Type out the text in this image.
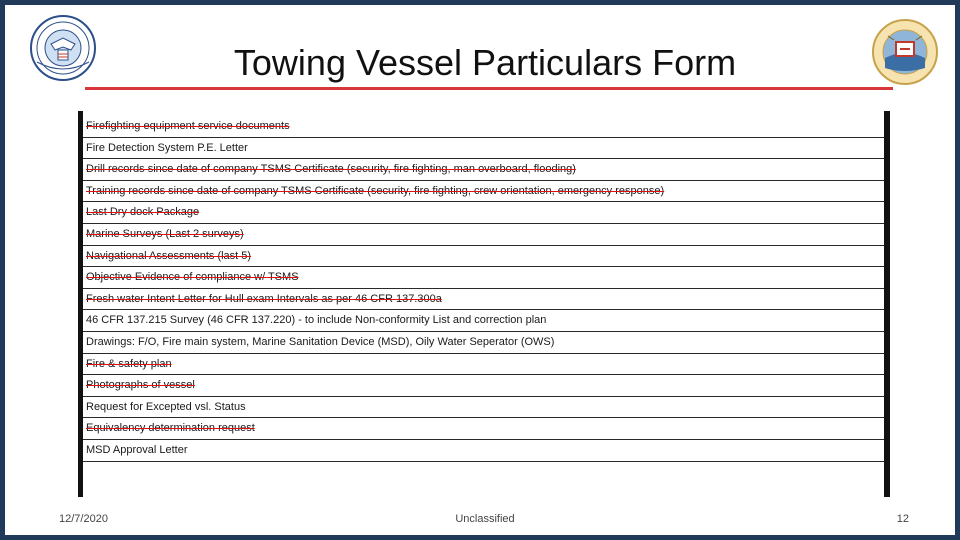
Towing Vessel Particulars Form
Firefighting equipment service documents
Fire Detection System P.E. Letter
Drill records since date of company TSMS Certificate (security, fire fighting, man overboard, flooding)
Training records since date of company TSMS Certificate (security, fire fighting, crew orientation, emergency response)
Last Dry dock Package
Marine Surveys (Last 2 surveys)
Navigational Assessments (last 5)
Objective Evidence of compliance w/ TSMS
Fresh water Intent Letter for Hull exam Intervals as per 46 CFR 137.300a
46 CFR 137.215 Survey (46 CFR 137.220) - to include Non-conformity List and correction plan
Drawings: F/O, Fire main system, Marine Sanitation Device (MSD), Oily Water Seperator (OWS)
Fire & safety plan
Photographs of vessel
Request for Excepted vsl. Status
Equivalency determination request
MSD Approval Letter
12/7/2020	Unclassified	12
